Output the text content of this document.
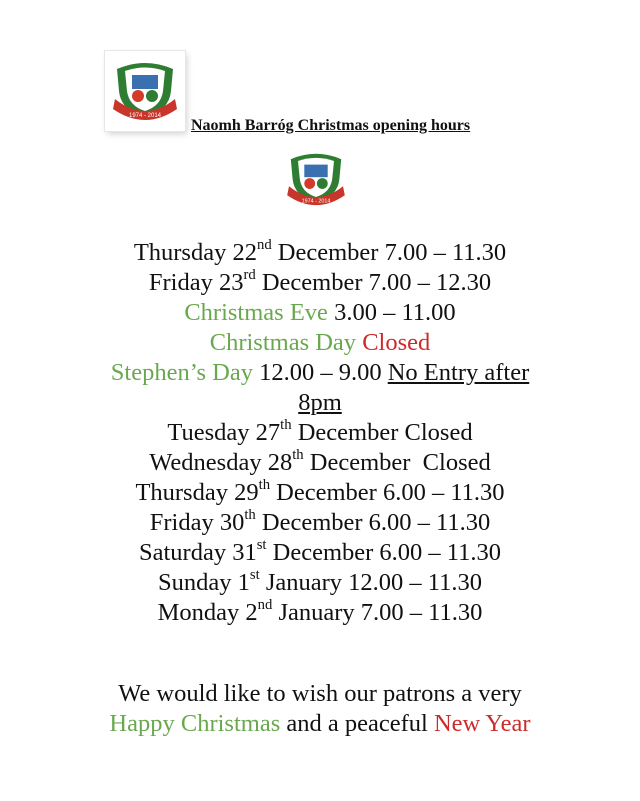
1974 - 2014
Naomh Barróg Christmas opening hours
1974 - 2014
Thursday 22nd December 7.00 – 11.30
Friday 23rd December 7.00 – 12.30
Christmas Eve 3.00 – 11.00
Christmas Day Closed
Stephen’s Day 12.00 – 9.00 No Entry after
8pm
Tuesday 27th December Closed
Wednesday 28th December  Closed
Thursday 29th December 6.00 – 11.30
Friday 30th December 6.00 – 11.30
Saturday 31st December 6.00 – 11.30
Sunday 1st January 12.00 – 11.30
Monday 2nd January 7.00 – 11.30
We would like to wish our patrons a very
Happy Christmas and a peaceful New Year
